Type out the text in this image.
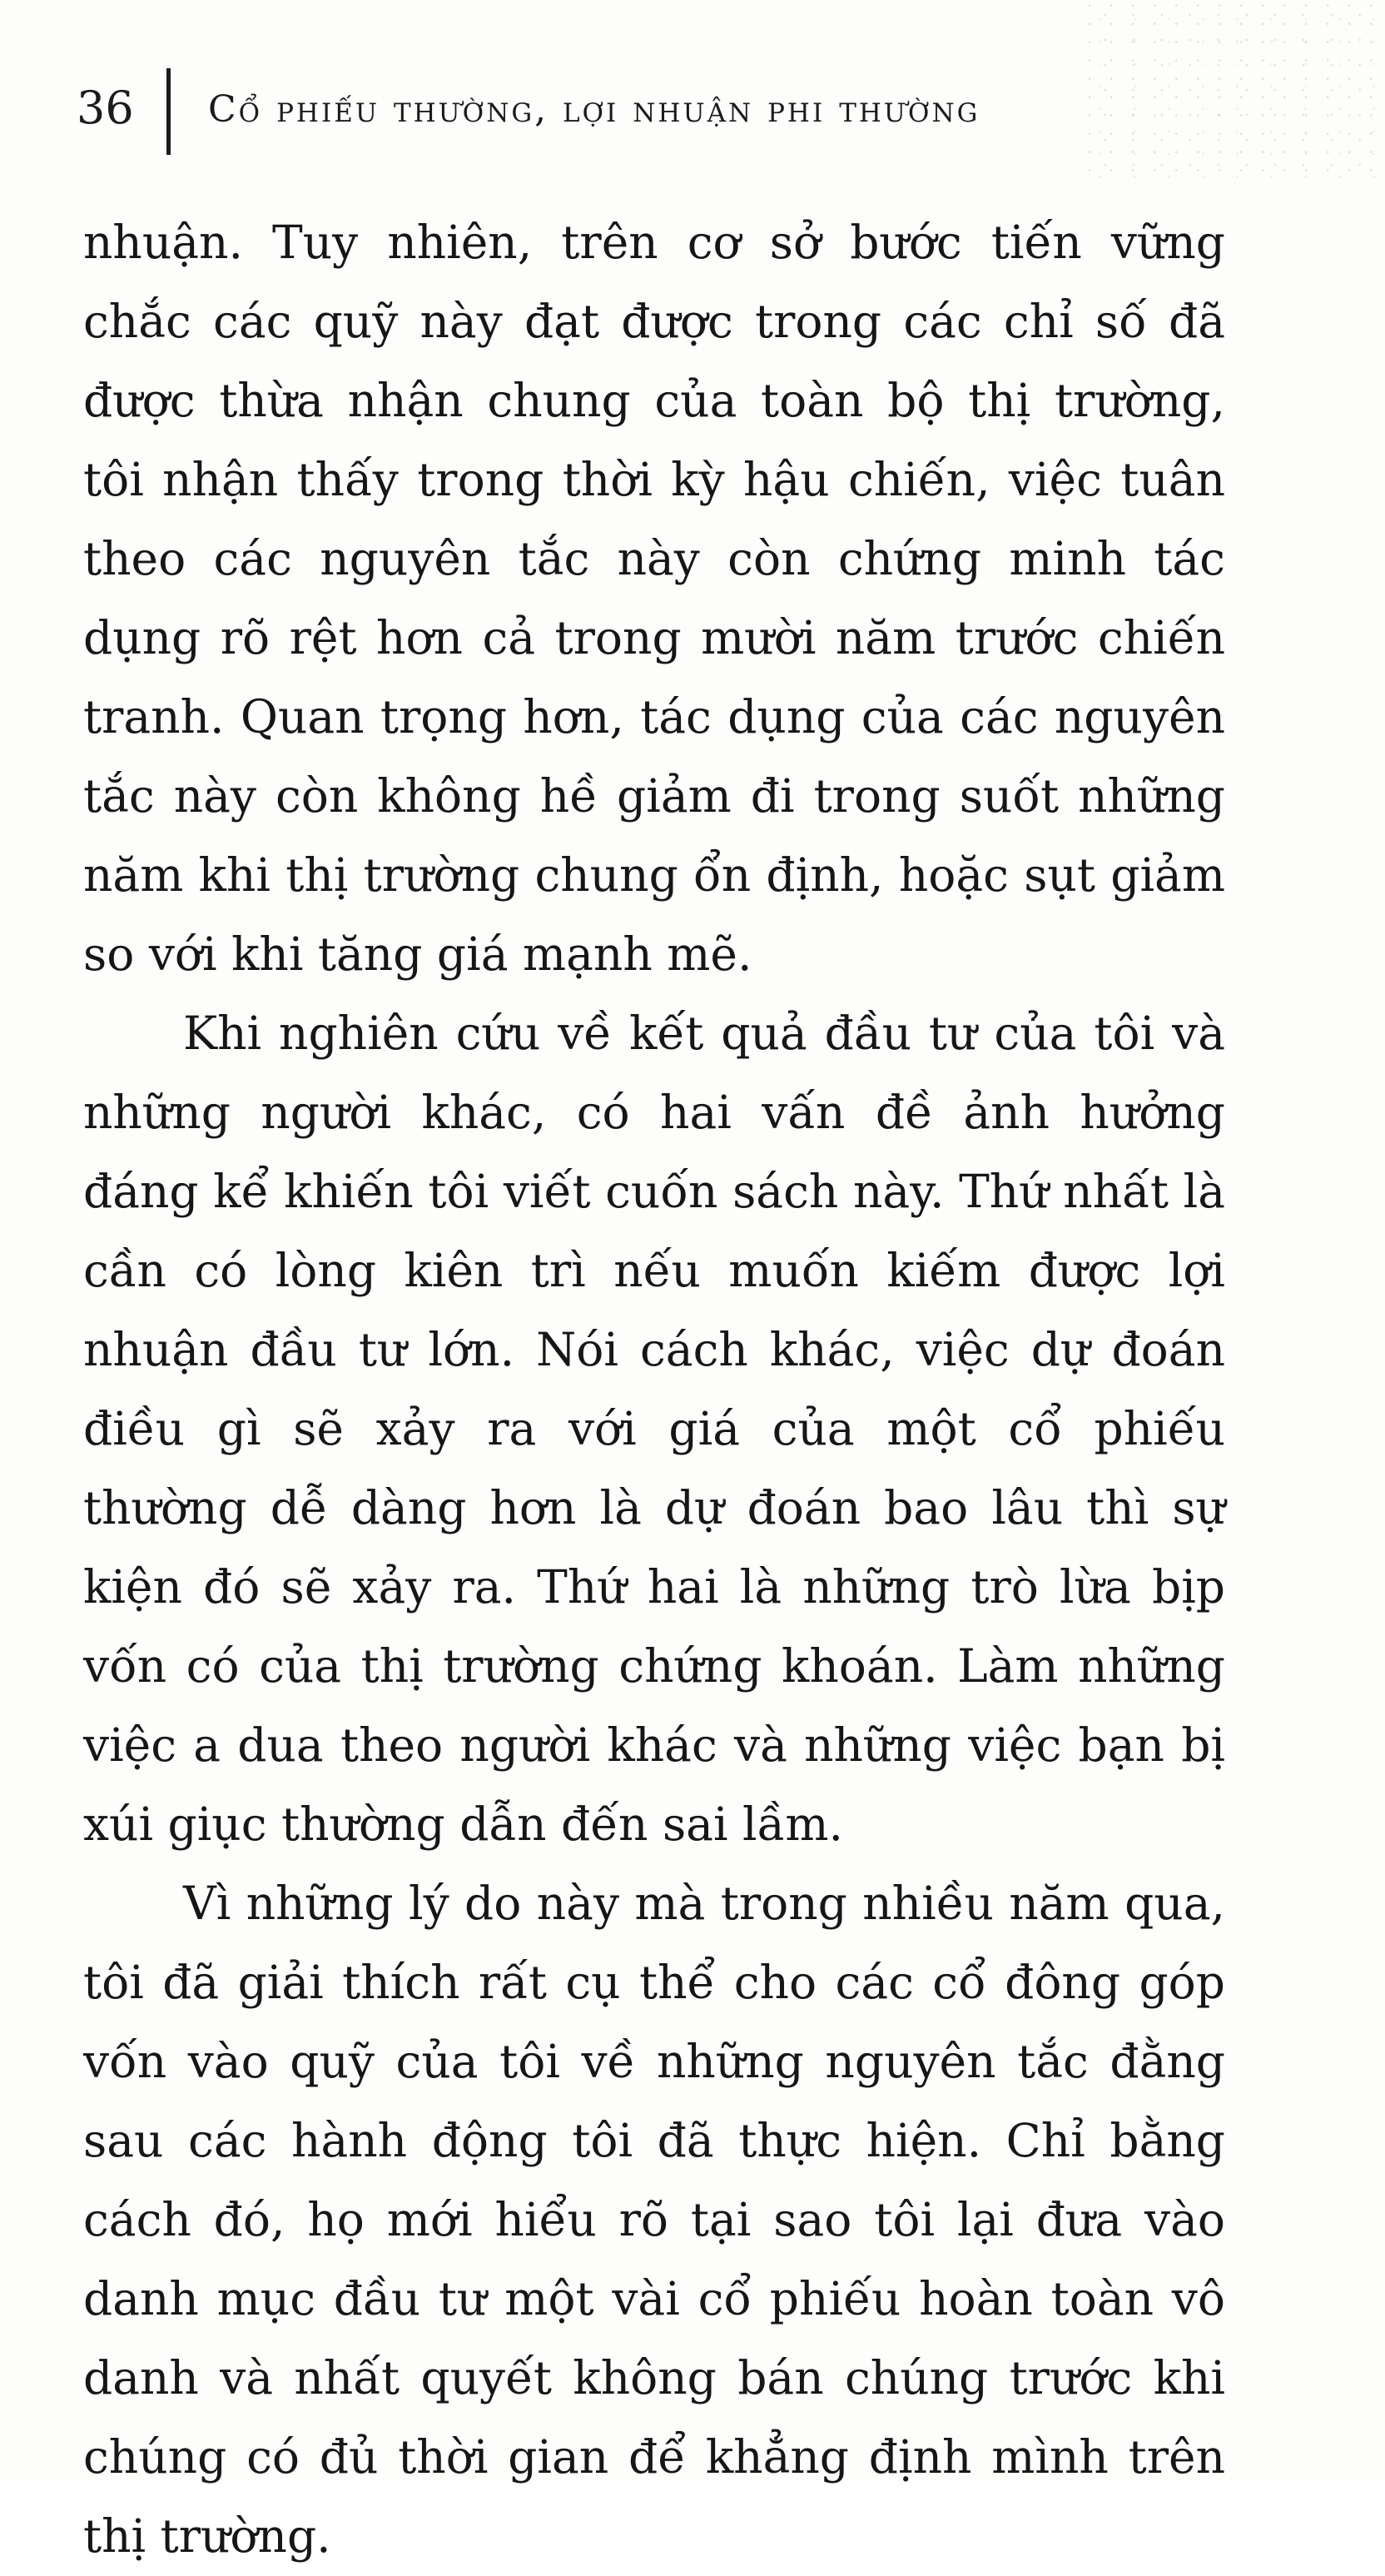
36 Cổ phiếu thường, lợi nhuận phi thường

nhuận. Tuy nhiên, trên cơ sở bước tiến vững chắc các quỹ này đạt được trong các chỉ số đã được thừa nhận chung của toàn bộ thị trường, tôi nhận thấy trong thời kỳ hậu chiến, việc tuân theo các nguyên tắc này còn chứng minh tác dụng rõ rệt hơn cả trong mười năm trước chiến tranh. Quan trọng hơn, tác dụng của các nguyên tắc này còn không hề giảm đi trong suốt những năm khi thị trường chung ổn định, hoặc sụt giảm so với khi tăng giá mạnh mẽ.

Khi nghiên cứu về kết quả đầu tư của tôi và những người khác, có hai vấn đề ảnh hưởng đáng kể khiến tôi viết cuốn sách này. Thứ nhất là cần có lòng kiên trì nếu muốn kiếm được lợi nhuận đầu tư lớn. Nói cách khác, việc dự đoán điều gì sẽ xảy ra với giá của một cổ phiếu thường dễ dàng hơn là dự đoán bao lâu thì sự kiện đó sẽ xảy ra. Thứ hai là những trò lừa bịp vốn có của thị trường chứng khoán. Làm những việc a dua theo người khác và những việc bạn bị xúi giục thường dẫn đến sai lầm.

Vì những lý do này mà trong nhiều năm qua, tôi đã giải thích rất cụ thể cho các cổ đông góp vốn vào quỹ của tôi về những nguyên tắc đằng sau các hành động tôi đã thực hiện. Chỉ bằng cách đó, họ mới hiểu rõ tại sao tôi lại đưa vào danh mục đầu tư một vài cổ phiếu hoàn toàn vô danh và nhất quyết không bán chúng trước khi chúng có đủ thời gian để khẳng định mình trên thị trường.
